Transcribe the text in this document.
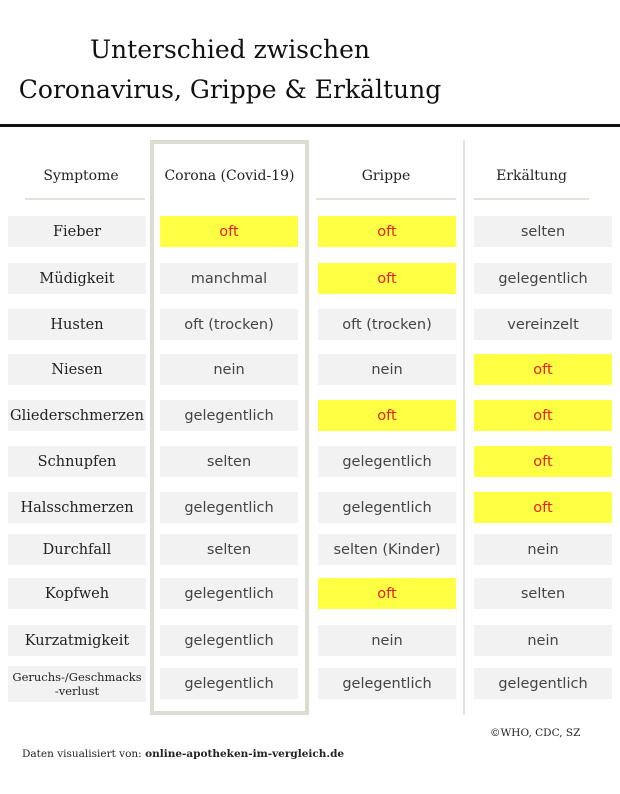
Unterschied zwischen
Coronavirus, Grippe & Erkältung
Symptome	Corona (Covid-19)	Grippe	Erkältung
Fieber	oft	oft	selten
Müdigkeit	manchmal	oft	gelegentlich
Husten	oft (trocken)	oft (trocken)	vereinzelt
Niesen	nein	nein	oft
Gliederschmerzen	gelegentlich	oft	oft
Schnupfen	selten	gelegentlich	oft
Halsschmerzen	gelegentlich	gelegentlich	oft
Durchfall	selten	selten (Kinder)	nein
Kopfweh	gelegentlich	oft	selten
Kurzatmigkeit	gelegentlich	nein	nein
Geruchs-/Geschmacks
-verlust	gelegentlich	gelegentlich	gelegentlich
©WHO, CDC, SZ
Daten visualisiert von: online-apotheken-im-vergleich.de
